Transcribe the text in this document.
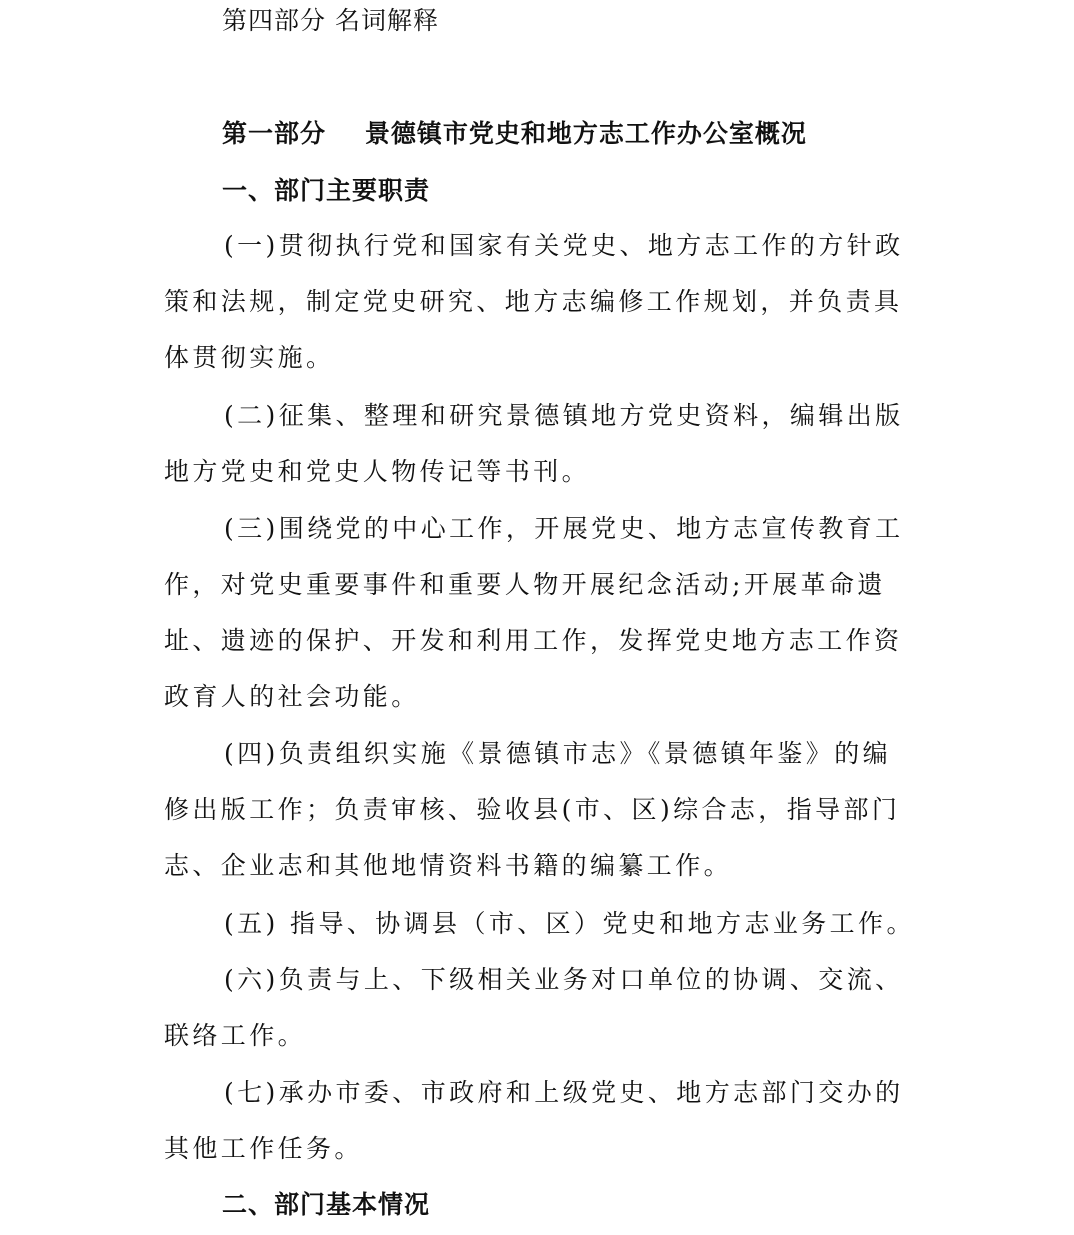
第四部分 名词解释
第一部分    景德镇市党史和地方志工作办公室概况
一、部门主要职责
(一)贯彻执行党和国家有关党史、地方志工作的方针政
策和法规，制定党史研究、地方志编修工作规划，并负责具
体贯彻实施。
(二)征集、整理和研究景德镇地方党史资料，编辑出版
地方党史和党史人物传记等书刊。
(三)围绕党的中心工作，开展党史、地方志宣传教育工
作，对党史重要事件和重要人物开展纪念活动;开展革命遗
址、遗迹的保护、开发和利用工作，发挥党史地方志工作资
政育人的社会功能。
(四)负责组织实施《景德镇市志》《景德镇年鉴》的编
修出版工作；负责审核、验收县(市、区)综合志，指导部门
志、企业志和其他地情资料书籍的编纂工作。
(五) 指导、协调县（市、区）党史和地方志业务工作。
(六)负责与上、下级相关业务对口单位的协调、交流、
联络工作。
(七)承办市委、市政府和上级党史、地方志部门交办的
其他工作任务。
二、部门基本情况
